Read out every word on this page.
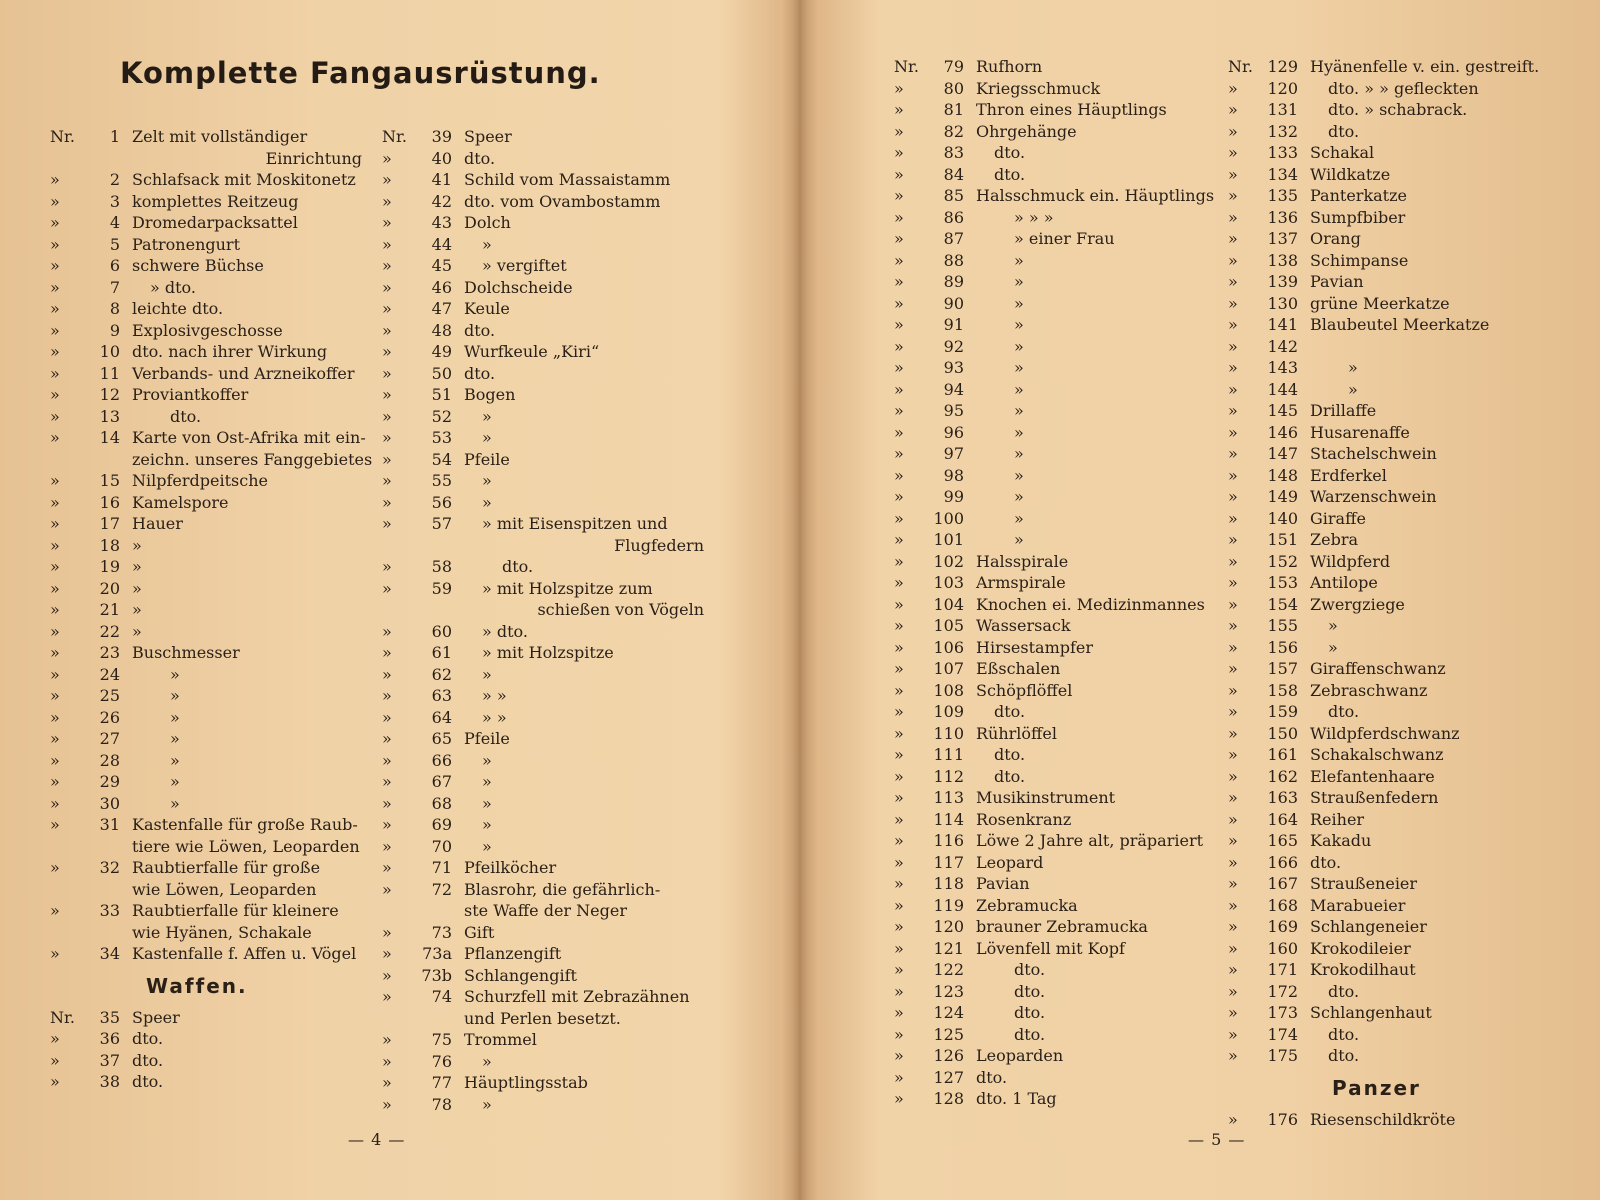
Komplette Fangausrüstung.
Nr. 1 Zelt mit vollständiger
Einrichtung
»	2 Schlafsack mit Moskitonetz
»	3 komplettes Reitzeug
»	4 Dromedarpacksattel
»	5 Patronengurt
»	6 schwere Büchse
»	7 » dto.
»	8 leichte dto.
»	9 Explosivgeschosse
» 10 dto. nach ihrer Wirkung
» 11 Verbands- und Arzneikoffer
» 12 Proviantkoffer
» 13	dto.
» 14 Karte von Ost-Afrika mit ein-
zeichn. unseres Fanggebietes
» 15 Nilpferdpeitsche
» 16 Kamelspore
» 17 Hauer
» 18 »
» 19 »
» 20 »
» 21 »
» 22 »
» 23 Buschmesser
» 24	»
» 25	»
» 26	»
» 27	»
» 28	»
» 29	»
» 30	»
» 31 Kastenfalle für große Raub-
tiere wie Löwen, Leoparden
» 32 Raubtierfalle für große
wie Löwen, Leoparden
» 33 Raubtierfalle für kleinere
wie Hyänen, Schakale
» 34 Kastenfalle f. Affen u. Vögel
Waffen.
Nr. 35 Speer
» 36 dto.
» 37 dto.
» 38 dto.
Nr. 39 Speer
» 40 dto.
» 41 Schild vom Massaistamm
» 42 dto. vom Ovambostamm
» 43 Dolch
» 44 »
» 45 » vergiftet
» 46 Dolchscheide
» 47 Keule
» 48 dto.
» 49 Wurfkeule „Kiri“
» 50 dto.
» 51 Bogen
» 52 »
» 53 »
» 54 Pfeile
» 55 »
» 56 »
» 57 » mit Eisenspitzen und
Flugfedern
» 58	dto.
» 59 » mit Holzspitze zum
schießen von Vögeln
» 60 » dto.
» 61 » mit Holzspitze
» 62 »
» 63 » »
» 64 » »
» 65 Pfeile
» 66 »
» 67 »
» 68 »
» 69 »
» 70 »
» 71 Pfeilköcher
» 72 Blasrohr, die gefährlich-
ste Waffe der Neger
» 73 Gift
» 73a Pflanzengift
» 73b Schlangengift
» 74 Schurzfell mit Zebrazähnen
und Perlen besetzt.
» 75 Trommel
» 76 »
» 77 Häuptlingsstab
» 78 »
— 4 —
Nr. 79 Rufhorn
» 80 Kriegsschmuck
» 81 Thron eines Häuptlings
» 82 Ohrgehänge
» 83 dto.
» 84 dto.
» 85 Halsschmuck ein. Häuptlings
» 86	» » »
» 87	» einer Frau
» 88	»
» 89	»
» 90	»
» 91	»
» 92	»
» 93	»
» 94	»
» 95	»
» 96	»
» 97	»
» 98	»
» 99	»
» 100	»
» 101	»
» 102 Halsspirale
» 103 Armspirale
» 104 Knochen ei. Medizinmannes
» 105 Wassersack
» 106 Hirsestampfer
» 107 Eßschalen
» 108 Schöpflöffel
» 109 dto.
» 110 Rührlöffel
» 111 dto.
» 112 dto.
» 113 Musikinstrument
» 114 Rosenkranz
» 116 Löwe 2 Jahre alt, präpariert
» 117 Leopard
» 118 Pavian
» 119 Zebramucka
» 120 brauner Zebramucka
» 121 Lövenfell mit Kopf
» 122	dto.
» 123	dto.
» 124	dto.
» 125	dto.
» 126 Leoparden
» 127 dto.
» 128 dto. 1 Tag
Nr. 129 Hyänenfelle v. ein. gestreift.
» 120 dto. » » gefleckten
» 131 dto. » schabrack.
» 132 dto.
» 133 Schakal
» 134 Wildkatze
» 135 Panterkatze
» 136 Sumpfbiber
» 137 Orang
» 138 Schimpanse
» 139 Pavian
» 130 grüne Meerkatze
» 141 Blaubeutel Meerkatze
» 142
» 143	»
» 144	»
» 145 Drillaffe
» 146 Husarenaffe
» 147 Stachelschwein
» 148 Erdferkel
» 149 Warzenschwein
» 140 Giraffe
» 151 Zebra
» 152 Wildpferd
» 153 Antilope
» 154 Zwergziege
» 155 »
» 156 »
» 157 Giraffenschwanz
» 158 Zebraschwanz
» 159 dto.
» 150 Wildpferdschwanz
» 161 Schakalschwanz
» 162 Elefantenhaare
» 163 Straußenfedern
» 164 Reiher
» 165 Kakadu
» 166 dto.
» 167 Straußeneier
» 168 Marabueier
» 169 Schlangeneier
» 160 Krokodileier
» 171 Krokodilhaut
» 172 dto.
» 173 Schlangenhaut
» 174 dto.
» 175 dto.
Panzer
» 176 Riesenschildkröte
— 5 —
